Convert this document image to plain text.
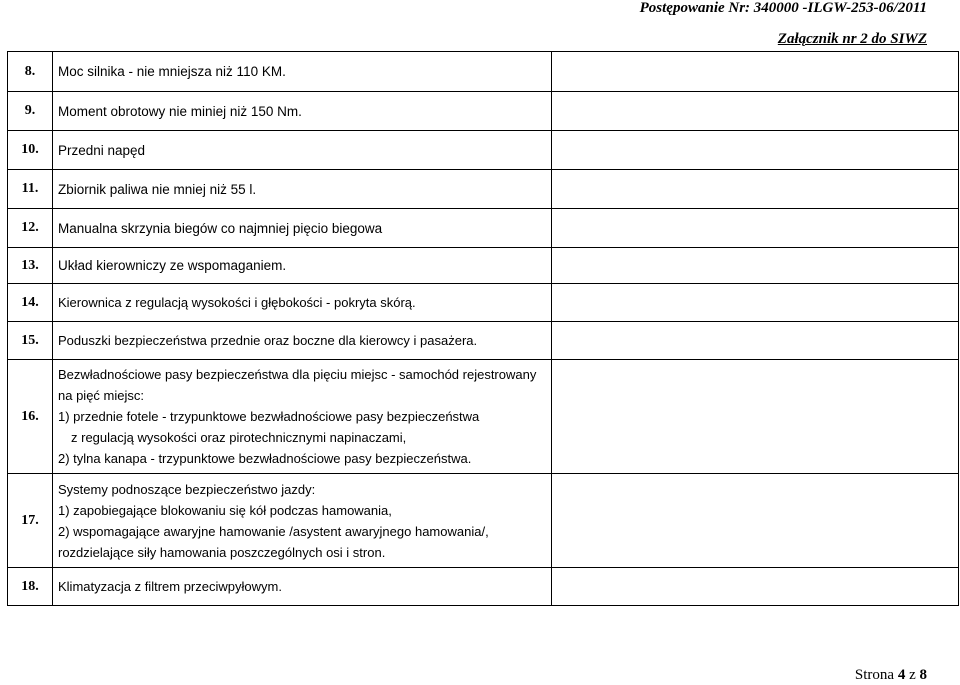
Postępowanie Nr: 340000 -ILGW-253-06/2011
Załącznik nr 2 do SIWZ
8.	Moc silnika - nie mniejsza niż 110 KM.	
9.	Moment obrotowy nie miniej niż 150 Nm.	
10.	Przedni napęd	
11.	Zbiornik paliwa nie mniej niż 55 l.	
12.	Manualna skrzynia biegów co najmniej pięcio biegowa	
13.	Układ kierowniczy ze wspomaganiem.	
14.	Kierownica z regulacją wysokości i głębokości - pokryta skórą.	
15.	Poduszki bezpieczeństwa przednie oraz boczne dla kierowcy i pasażera.	
16.	Bezwładnościowe pasy bezpieczeństwa dla pięciu miejsc - samochód rejestrowany
na pięć miejsc:
1) przednie fotele - trzypunktowe bezwładnościowe pasy bezpieczeństwa
z regulacją wysokości oraz pirotechnicznymi napinaczami,
2) tylna kanapa - trzypunktowe bezwładnościowe pasy bezpieczeństwa.	

17.	Systemy podnoszące bezpieczeństwo jazdy:
1) zapobiegające blokowaniu się kół podczas hamowania,
2) wspomagające awaryjne hamowanie /asystent awaryjnego hamowania/,
rozdzielające siły hamowania poszczególnych osi i stron.	

18.	Klimatyzacja z filtrem przeciwpyłowym.	
Strona 4 z 8
